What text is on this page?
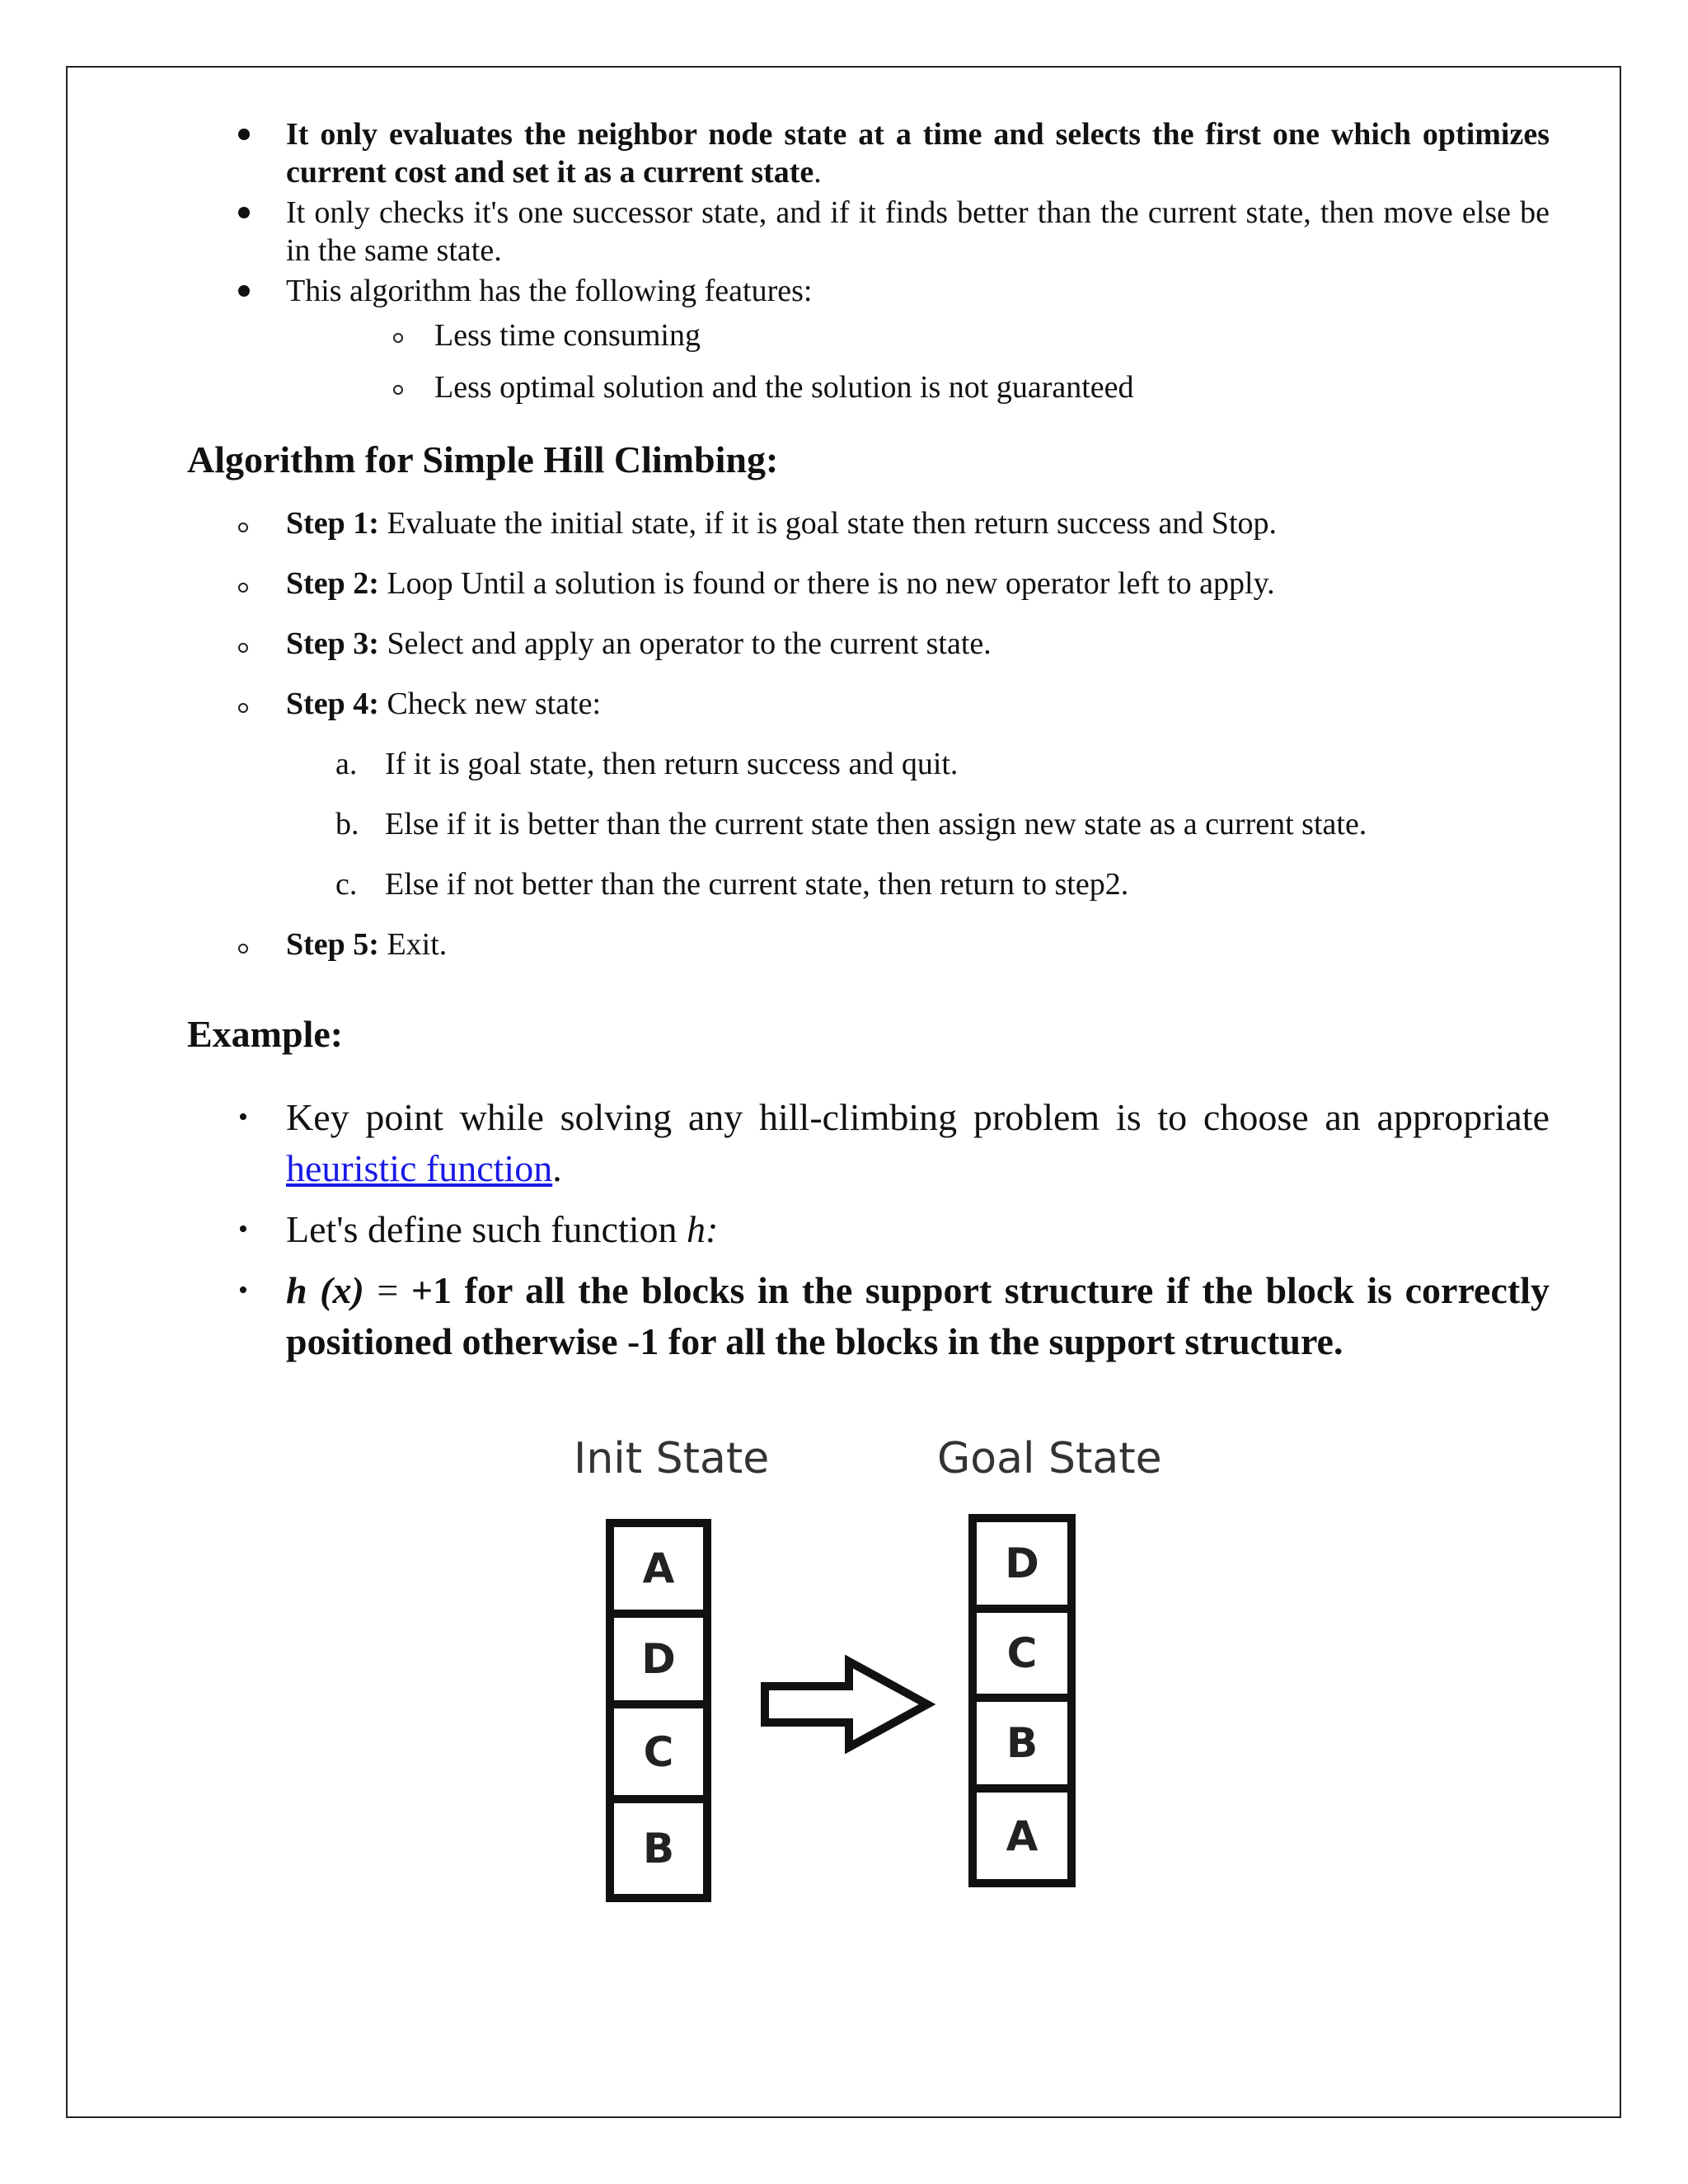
It only evaluates the neighbor node state at a time and selects the first one which optimizes current cost and set it as a current state.
It only checks it's one successor state, and if it finds better than the current state, then move else be in the same state.
This algorithm has the following features:
Less time consuming
Less optimal solution and the solution is not guaranteed
Algorithm for Simple Hill Climbing:
Step 1: Evaluate the initial state, if it is goal state then return success and Stop.
Step 2: Loop Until a solution is found or there is no new operator left to apply.
Step 3: Select and apply an operator to the current state.
Step 4: Check new state:
a. If it is goal state, then return success and quit.
b. Else if it is better than the current state then assign new state as a current state.
c. Else if not better than the current state, then return to step2.
Step 5: Exit.
Example:
• Key point while solving any hill-climbing problem is to choose an appropriate heuristic function.
• Let's define such function h:
• h (x) = +1 for all the blocks in the support structure if the block is correctly positioned otherwise -1 for all the blocks in the support structure.
Init State	Goal State
A
D
C
B
D
C
B
A
